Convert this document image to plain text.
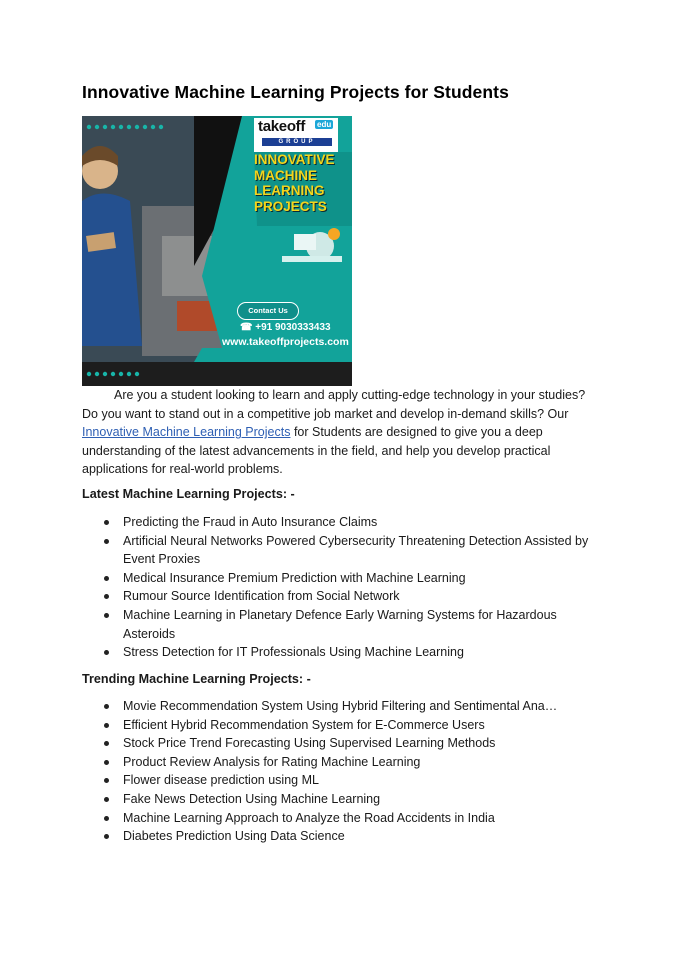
Innovative Machine Learning Projects for Students
takeoff edu
GROUP
INNOVATIVE MACHINE LEARNING PROJECTS
Contact Us
☎ +91 9030333433
www.takeoffprojects.com
Are you a student looking to learn and apply cutting-edge technology in your studies? Do you want to stand out in a competitive job market and develop in-demand skills? Our Innovative Machine Learning Projects for Students are designed to give you a deep understanding of the latest advancements in the field, and help you develop practical applications for real-world problems.
Latest Machine Learning Projects: -
Predicting the Fraud in Auto Insurance Claims
Artificial Neural Networks Powered Cybersecurity Threatening Detection Assisted by Event Proxies
Medical Insurance Premium Prediction with Machine Learning
Rumour Source Identification from Social Network
Machine Learning in Planetary Defence Early Warning Systems for Hazardous Asteroids
Stress Detection for IT Professionals Using Machine Learning
Trending Machine Learning Projects: -
Movie Recommendation System Using Hybrid Filtering and Sentimental Ana…
Efficient Hybrid Recommendation System for E-Commerce Users
Stock Price Trend Forecasting Using Supervised Learning Methods
Product Review Analysis for Rating Machine Learning
Flower disease prediction using ML
Fake News Detection Using Machine Learning
Machine Learning Approach to Analyze the Road Accidents in India
Diabetes Prediction Using Data Science
